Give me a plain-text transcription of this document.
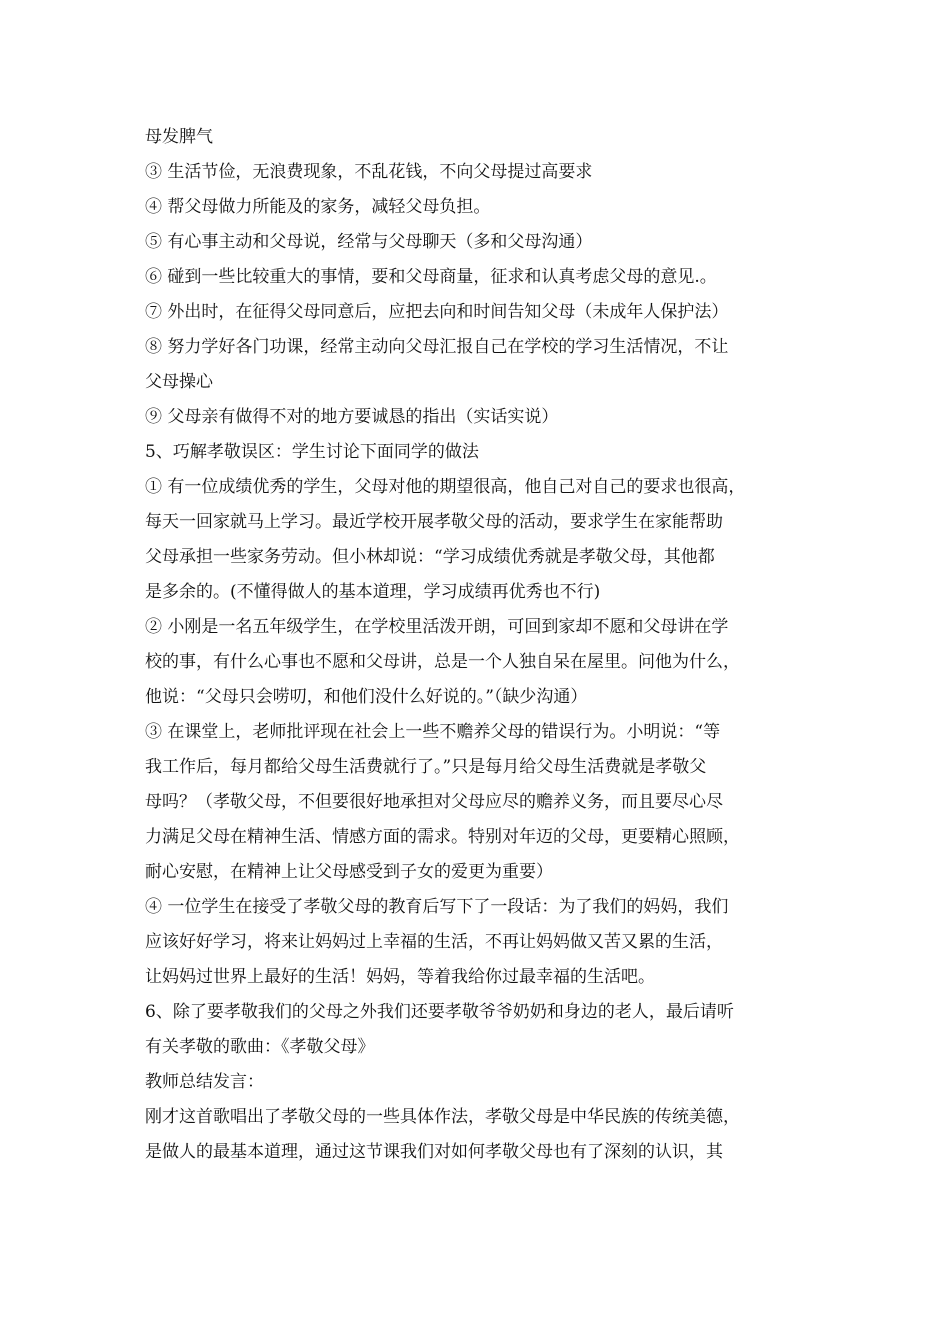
母发脾气
③ 生活节俭，无浪费现象，不乱花钱，不向父母提过高要求
④ 帮父母做力所能及的家务，减轻父母负担。
⑤ 有心事主动和父母说，经常与父母聊天（多和父母沟通）
⑥ 碰到一些比较重大的事情，要和父母商量，征求和认真考虑父母的意见.。
⑦ 外出时，在征得父母同意后，应把去向和时间告知父母（未成年人保护法）
⑧ 努力学好各门功课，经常主动向父母汇报自己在学校的学习生活情况，不让
父母操心
⑨ 父母亲有做得不对的地方要诚恳的指出（实话实说）
5、巧解孝敬误区：学生讨论下面同学的做法
① 有一位成绩优秀的学生，父母对他的期望很高，他自己对自己的要求也很高，
每天一回家就马上学习。最近学校开展孝敬父母的活动，要求学生在家能帮助
父母承担一些家务劳动。但小林却说：“学习成绩优秀就是孝敬父母，其他都
是多余的。(不懂得做人的基本道理，学习成绩再优秀也不行)
② 小刚是一名五年级学生，在学校里活泼开朗，可回到家却不愿和父母讲在学
校的事，有什么心事也不愿和父母讲，总是一个人独自呆在屋里。问他为什么，
他说：“父母只会唠叨，和他们没什么好说的。”（缺少沟通）
③ 在课堂上，老师批评现在社会上一些不赡养父母的错误行为。小明说：“等
我工作后，每月都给父母生活费就行了。”只是每月给父母生活费就是孝敬父
母吗？（孝敬父母，不但要很好地承担对父母应尽的赡养义务，而且要尽心尽
力满足父母在精神生活、情感方面的需求。特别对年迈的父母，更要精心照顾，
耐心安慰，在精神上让父母感受到子女的爱更为重要）
④ 一位学生在接受了孝敬父母的教育后写下了一段话：为了我们的妈妈，我们
应该好好学习，将来让妈妈过上幸福的生活，不再让妈妈做又苦又累的生活，
让妈妈过世界上最好的生活！妈妈，等着我给你过最幸福的生活吧。
6、除了要孝敬我们的父母之外我们还要孝敬爷爷奶奶和身边的老人，最后请听
有关孝敬的歌曲：《孝敬父母》
教师总结发言：
刚才这首歌唱出了孝敬父母的一些具体作法，孝敬父母是中华民族的传统美德，
是做人的最基本道理，通过这节课我们对如何孝敬父母也有了深刻的认识，其
